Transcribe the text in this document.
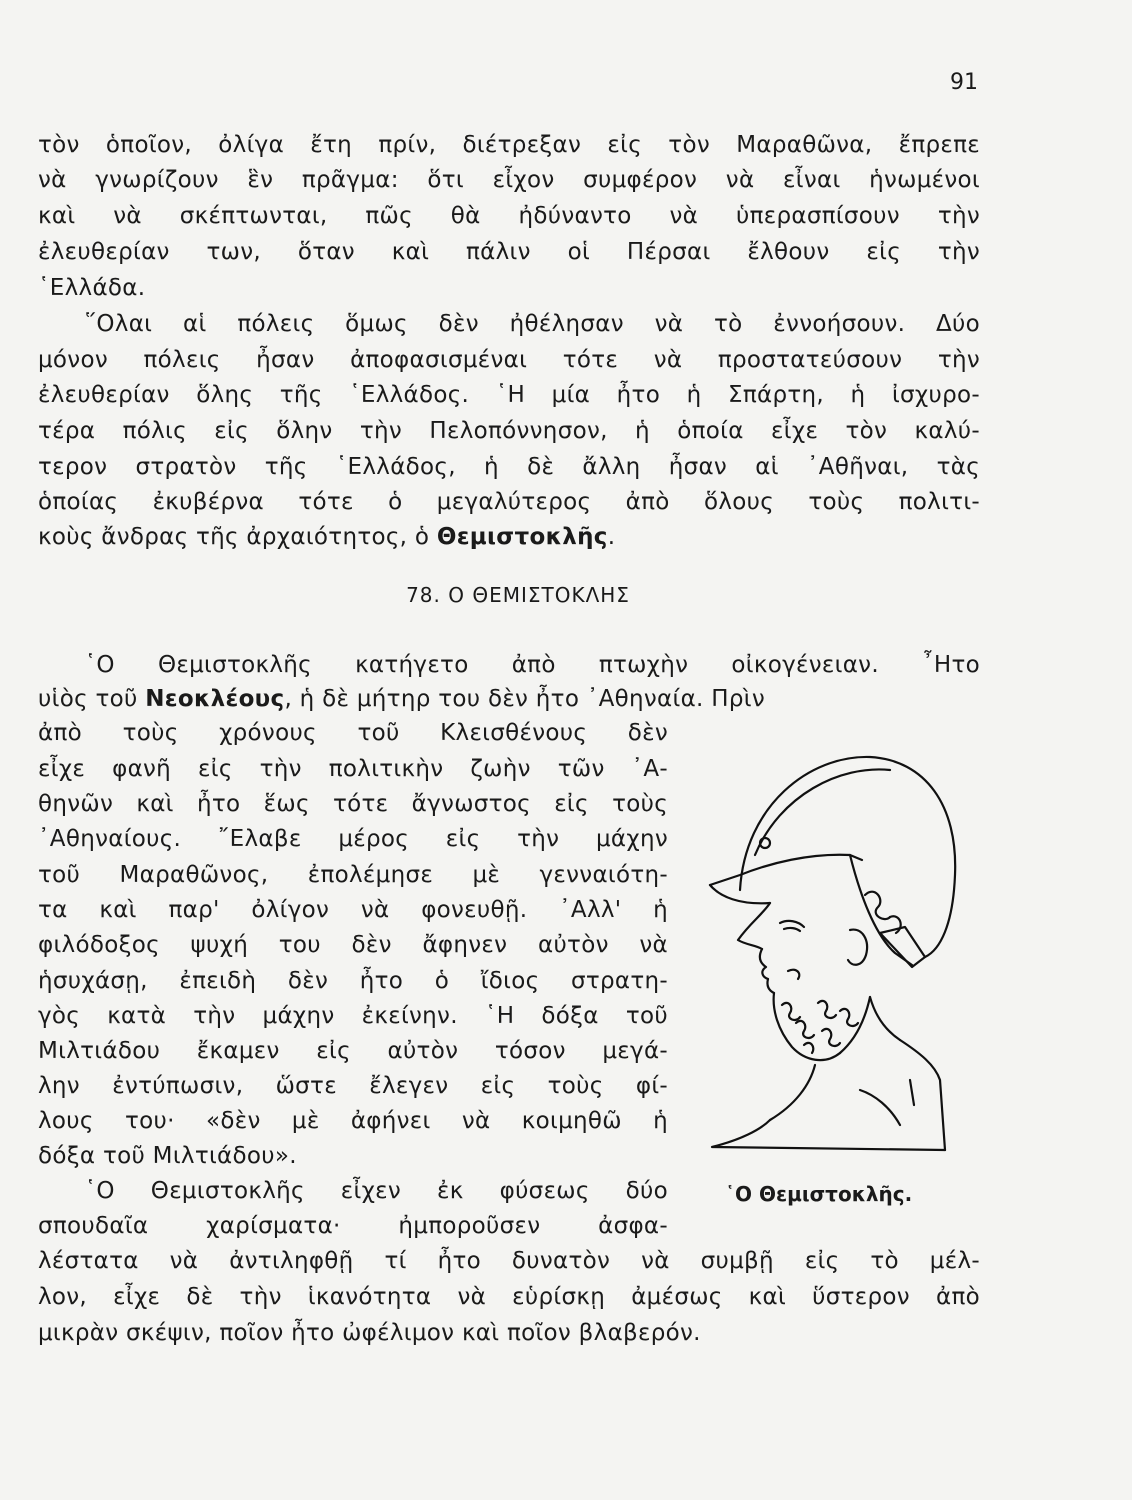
91
τὸν ὁποῖον, ὀλίγα ἔτη πρίν, διέτρεξαν εἰς τὸν Μαραθῶνα, ἔπρεπε
νὰ γνωρίζουν ἓν πρᾶγμα: ὅτι εἶχον συμφέρον νὰ εἶναι ἡνωμένοι
καὶ νὰ σκέπτωνται, πῶς θὰ ἠδύναντο νὰ ὑπερασπίσουν τὴν
ἐλευθερίαν των, ὅταν καὶ πάλιν οἱ Πέρσαι ἔλθουν εἰς τὴν
῾Ελλάδα.
  ῞Ολαι αἱ πόλεις ὅμως δὲν ἠθέλησαν νὰ τὸ ἐννοήσουν. Δύο
μόνον πόλεις ἦσαν ἀποφασισμέναι τότε νὰ προστατεύσουν τὴν
ἐλευθερίαν ὅλης τῆς ῾Ελλάδος. ῾Η μία ἦτο ἡ Σπάρτη, ἡ ἰσχυρο-
τέρα πόλις εἰς ὅλην τὴν Πελοπόννησον, ἡ ὁποία εἶχε τὸν καλύ-
τερον στρατὸν τῆς ῾Ελλάδος, ἡ δὲ ἄλλη ἦσαν αἱ ᾿Αθῆναι, τὰς
ὁποίας ἐκυβέρνα τότε ὁ μεγαλύτερος ἀπὸ ὅλους τοὺς πολιτι-
κοὺς ἄνδρας τῆς ἀρχαιότητος, ὁ Θεμιστοκλῆς.
  ῾Ο Θεμιστοκλῆς κατήγετο ἀπὸ πτωχὴν οἰκογένειαν. ῏Ητο
υἱὸς τοῦ Νεοκλέους, ἡ δὲ μήτηρ του δὲν ἦτο ᾿Αθηναία. Πρὶν
ἀπὸ τοὺς χρόνους τοῦ Κλεισθένους δὲν
εἶχε φανῆ εἰς τὴν πολιτικὴν ζωὴν τῶν ᾿Α-
θηνῶν καὶ ἦτο ἕως τότε ἄγνωστος εἰς τοὺς
᾿Αθηναίους. ῎Ελαβε μέρος εἰς τὴν μάχην
τοῦ Μαραθῶνος, ἐπολέμησε μὲ γενναιότη-
τα καὶ παρ' ὀλίγον νὰ φονευθῇ. ᾿Αλλ' ἡ
φιλόδοξος ψυχή του δὲν ἄφηνεν αὐτὸν νὰ
ἡσυχάσῃ, ἐπειδὴ δὲν ἦτο ὁ ἴδιος στρατη-
γὸς κατὰ τὴν μάχην ἐκείνην. ῾Η δόξα τοῦ
Μιλτιάδου ἔκαμεν εἰς αὐτὸν τόσον μεγά-
λην ἐντύπωσιν, ὥστε ἔλεγεν εἰς τοὺς φί-
λους του· «δὲν μὲ ἀφήνει νὰ κοιμηθῶ ἡ
δόξα τοῦ Μιλτιάδου».
  ῾Ο Θεμιστοκλῆς εἶχεν ἐκ φύσεως δύο
σπουδαῖα χαρίσματα· ἠμποροῦσεν ἀσφα-
λέστατα νὰ ἀντιληφθῇ τί ἦτο δυνατὸν νὰ συμβῇ εἰς τὸ μέλ-
λον, εἶχε δὲ τὴν ἱκανότητα νὰ εὑρίσκῃ ἀμέσως καὶ ὕστερον ἀπὸ
μικρὰν σκέψιν, ποῖον ἦτο ὠφέλιμον καὶ ποῖον βλαβερόν.
78. Ο ΘΕΜΙΣΤΟΚΛΗΣ
῾Ο Θεμιστοκλῆς.
